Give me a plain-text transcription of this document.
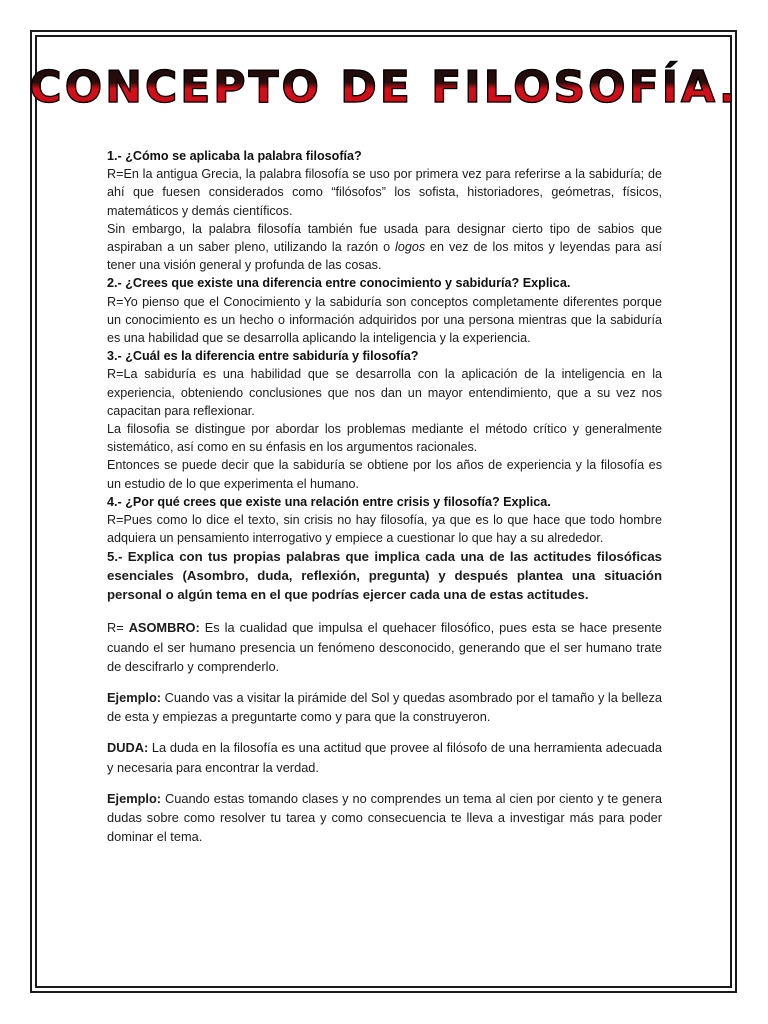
CONCEPTO DE FILOSOFÍA.

1.- ¿Cómo se aplicaba la palabra filosofía?

R=En la antigua Grecia, la palabra filosofía se uso por primera vez para referirse a la sabiduría; de ahí que fuesen considerados como “filósofos” los sofista, historiadores, geómetras, físicos, matemáticos y demás científicos.

Sin embargo, la palabra filosofía también fue usada para designar cierto tipo de sabios que aspiraban a un saber pleno, utilizando la razón o logos en vez de los mitos y leyendas para así tener una visión general y profunda de las cosas.

2.- ¿Crees que existe una diferencia entre conocimiento y sabiduría? Explica.

R=Yo pienso que el Conocimiento y la sabiduría son conceptos completamente diferentes porque un conocimiento es un hecho o información adquiridos por una persona mientras que la sabiduría es una habilidad que se desarrolla aplicando la inteligencia y la experiencia.

3.- ¿Cuál es la diferencia entre sabiduría y filosofía?

R=La sabiduría es una habilidad que se desarrolla con la aplicación de la inteligencia en la experiencia, obteniendo conclusiones que nos dan un mayor entendimiento, que a su vez nos capacitan para reflexionar.

La filosofia se distingue por abordar los problemas mediante el método crítico y generalmente sistemático, así como en su énfasis en los argumentos racionales.

Entonces se puede decir que la sabiduría se obtiene por los años de experiencia y la filosofía es un estudio de lo que experimenta el humano.

4.- ¿Por qué crees que existe una relación entre crisis y filosofía? Explica.

R=Pues como lo dice el texto, sin crisis no hay filosofía, ya que es lo que hace que todo hombre adquiera un pensamiento interrogativo y empiece a cuestionar lo que hay a su alrededor.

5.- Explica con tus propias palabras que implica cada una de las actitudes filosóficas esenciales (Asombro, duda, reflexión, pregunta) y después plantea una situación personal o algún tema en el que podrías ejercer cada una de estas actitudes.

R= ASOMBRO: Es la cualidad que impulsa el quehacer filosófico, pues esta se hace presente cuando el ser humano presencia un fenómeno desconocido, generando que el ser humano trate de descifrarlo y comprenderlo.

Ejemplo: Cuando vas a visitar la pirámide del Sol y quedas asombrado por el tamaño y la belleza de esta y empiezas a preguntarte como y para que la construyeron.

DUDA: La duda en la filosofía es una actitud que provee al filósofo de una herramienta adecuada y necesaria para encontrar la verdad.

Ejemplo: Cuando estas tomando clases y no comprendes un tema al cien por ciento y te genera dudas sobre como resolver tu tarea y como consecuencia te lleva a investigar más para poder dominar el tema.
